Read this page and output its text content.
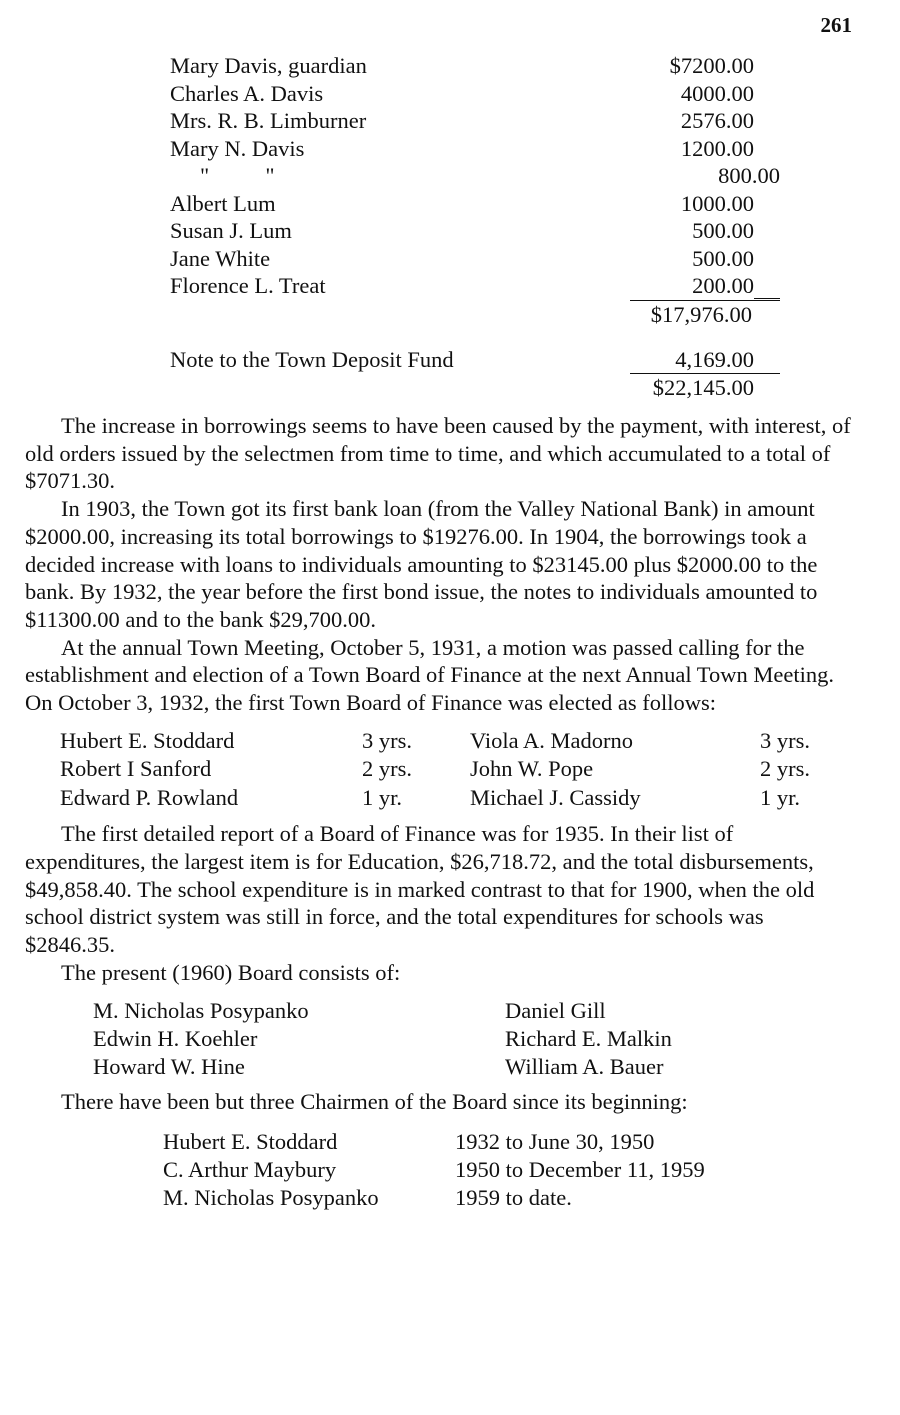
261
Mary Davis, guardian	$7200.00
Charles A. Davis	4000.00
Mrs. R. B. Limburner	2576.00
Mary N. Davis	1200.00
"          "	800.00
Albert Lum	1000.00
Susan J. Lum	500.00
Jane White	500.00
Florence L. Treat	200.00
$17,976.00
Note to the Town Deposit Fund	4,169.00
$22,145.00

The increase in borrowings seems to have been caused by the payment, with interest, of old orders issued by the selectmen from time to time, and which accumulated to a total of $7071.30.

In 1903, the Town got its first bank loan (from the Valley National Bank) in amount $2000.00, increasing its total borrowings to $19276.00. In 1904, the borrowings took a decided increase with loans to individuals amounting to $23145.00 plus $2000.00 to the bank. By 1932, the year before the first bond issue, the notes to individuals amounted to $11300.00 and to the bank $29,700.00.

At the annual Town Meeting, October 5, 1931, a motion was passed calling for the establishment and election of a Town Board of Finance at the next Annual Town Meeting. On October 3, 1932, the first Town Board of Finance was elected as follows:

Hubert E. Stoddard	3 yrs.	Viola A. Madorno	3 yrs.
Robert I Sanford	2 yrs.	John W. Pope	2 yrs.
Edward P. Rowland	1 yr.	Michael J. Cassidy	1 yr.

The first detailed report of a Board of Finance was for 1935. In their list of expenditures, the largest item is for Education, $26,718.72, and the total disbursements, $49,858.40. The school expenditure is in marked contrast to that for 1900, when the old school district system was still in force, and the total expenditures for schools was $2846.35.

The present (1960) Board consists of:

M. Nicholas Posypanko	Daniel Gill
Edwin H. Koehler	Richard E. Malkin
Howard W. Hine	William A. Bauer

There have been but three Chairmen of the Board since its beginning:

Hubert E. Stoddard	1932 to June 30, 1950
C. Arthur Maybury	1950 to December 11, 1959
M. Nicholas Posypanko	1959 to date.
